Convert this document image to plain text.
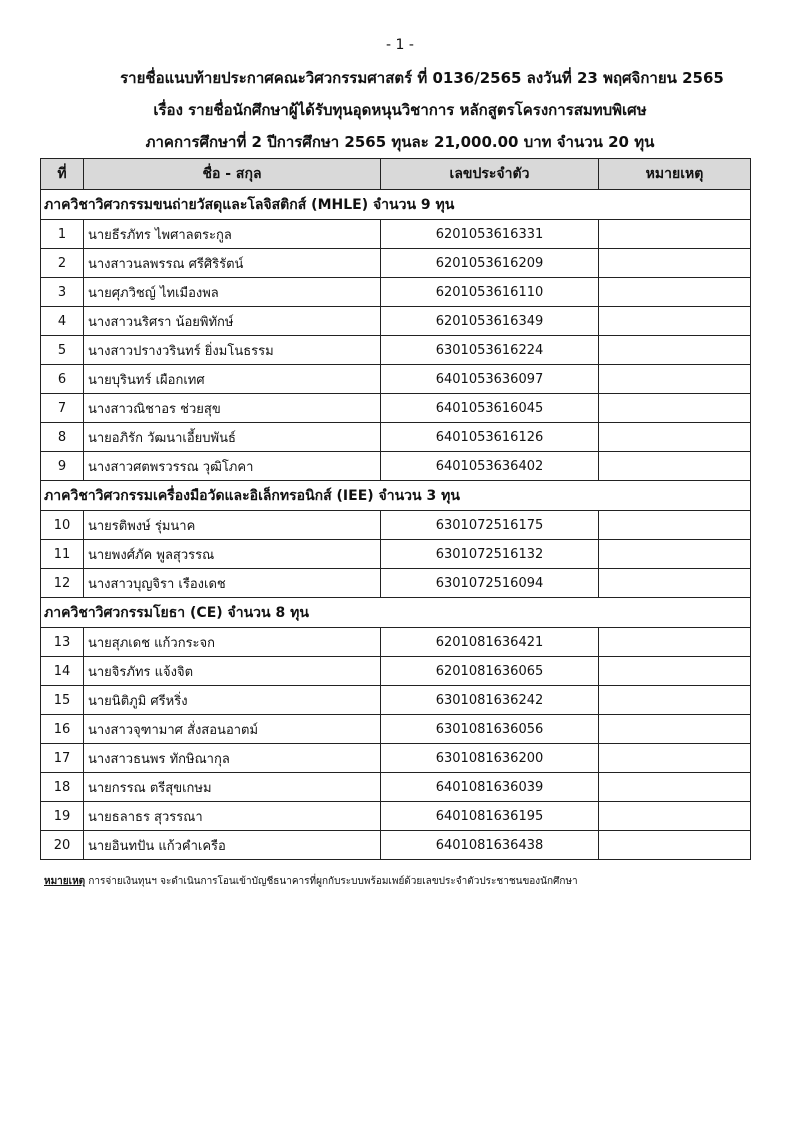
- 1 -
รายชื่อแนบท้ายประกาศคณะวิศวกรรมศาสตร์ ที่ 0136/2565 ลงวันที่ 23 พฤศจิกายน 2565
เรื่อง รายชื่อนักศึกษาผู้ได้รับทุนอุดหนุนวิชาการ หลักสูตรโครงการสมทบพิเศษ
ภาคการศึกษาที่ 2 ปีการศึกษา 2565 ทุนละ 21,000.00 บาท จำนวน 20 ทุน
ที่	ชื่อ - สกุล	เลขประจำตัว	หมายเหตุ
ภาควิชาวิศวกรรมขนถ่ายวัสดุและโลจิสติกส์ (MHLE) จำนวน 9 ทุน			
1	นายธีรภัทร ไพศาลตระกูล	6201053616331	
2	นางสาวนลพรรณ ศรีศิริรัตน์	6201053616209	
3	นายศุภวิชญ์ ไทเมืองพล	6201053616110	
4	นางสาวนริศรา น้อยพิทักษ์	6201053616349	
5	นางสาวปรางวรินทร์ ยิ่งมโนธรรม	6301053616224	
6	นายบุรินทร์ เผือกเทศ	6401053636097	
7	นางสาวณิชาอร ช่วยสุข	6401053616045	
8	นายอภิรัก วัฒนาเอี้ยบพันธ์	6401053616126	
9	นางสาวศตพรวรรณ วุฒิโภคา	6401053636402	
ภาควิชาวิศวกรรมเครื่องมือวัดและอิเล็กทรอนิกส์ (IEE) จำนวน 3 ทุน			
10	นายรติพงษ์ รุ่มนาค	6301072516175	
11	นายพงศ์ภัค พูลสุวรรณ	6301072516132	
12	นางสาวบุญจิรา เรืองเดช	6301072516094	
ภาควิชาวิศวกรรมโยธา (CE) จำนวน 8 ทุน			
13	นายสุภเดช แก้วกระจก	6201081636421	
14	นายจิรภัทร แจ้งจิต	6201081636065	
15	นายนิติภูมิ ศรีหริ่ง	6301081636242	
16	นางสาวจุฑามาศ สั่งสอนอาตม์	6301081636056	
17	นางสาวธนพร ทักษิณากุล	6301081636200	
18	นายกรรณ ตรีสุขเกษม	6401081636039	
19	นายธลาธร สุวรรณา	6401081636195	
20	นายอินทปัน แก้วคำเครือ	6401081636438	
หมายเหตุ การจ่ายเงินทุนฯ จะดำเนินการโอนเข้าบัญชีธนาคารที่ผูกกับระบบพร้อมเพย์ด้วยเลขประจำตัวประชาชนของนักศึกษา
